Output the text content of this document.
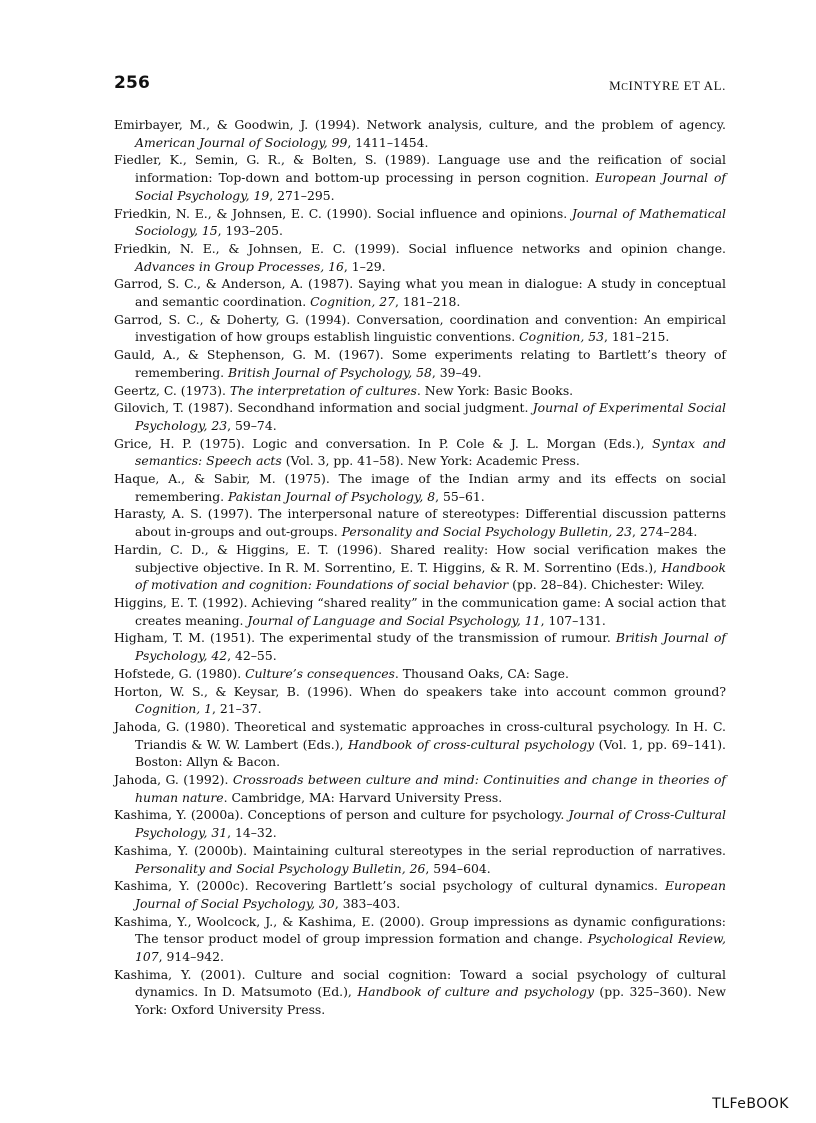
256	MCINTYRE ET AL.
Emirbayer, M., & Goodwin, J. (1994). Network analysis, culture, and the problem of agency. American Journal of Sociology, 99, 1411–1454.
Fiedler, K., Semin, G. R., & Bolten, S. (1989). Language use and the reification of social information: Top-down and bottom-up processing in person cognition. European Journal of Social Psychology, 19, 271–295.
Friedkin, N. E., & Johnsen, E. C. (1990). Social influence and opinions. Journal of Mathematical Sociology, 15, 193–205.
Friedkin, N. E., & Johnsen, E. C. (1999). Social influence networks and opinion change. Advances in Group Processes, 16, 1–29.
Garrod, S. C., & Anderson, A. (1987). Saying what you mean in dialogue: A study in conceptual and semantic coordination. Cognition, 27, 181–218.
Garrod, S. C., & Doherty, G. (1994). Conversation, coordination and convention: An empirical investigation of how groups establish linguistic conventions. Cognition, 53, 181–215.
Gauld, A., & Stephenson, G. M. (1967). Some experiments relating to Bartlett’s theory of remembering. British Journal of Psychology, 58, 39–49.
Geertz, C. (1973). The interpretation of cultures. New York: Basic Books.
Gilovich, T. (1987). Secondhand information and social judgment. Journal of Experimental Social Psychology, 23, 59–74.
Grice, H. P. (1975). Logic and conversation. In P. Cole & J. L. Morgan (Eds.), Syntax and semantics: Speech acts (Vol. 3, pp. 41–58). New York: Academic Press.
Haque, A., & Sabir, M. (1975). The image of the Indian army and its effects on social remembering. Pakistan Journal of Psychology, 8, 55–61.
Harasty, A. S. (1997). The interpersonal nature of stereotypes: Differential discussion patterns about in-groups and out-groups. Personality and Social Psychology Bulletin, 23, 274–284.
Hardin, C. D., & Higgins, E. T. (1996). Shared reality: How social verification makes the subjective objective. In R. M. Sorrentino, E. T. Higgins, & R. M. Sorrentino (Eds.), Handbook of motivation and cognition: Foundations of social behavior (pp. 28–84). Chichester: Wiley.
Higgins, E. T. (1992). Achieving “shared reality” in the communication game: A social action that creates meaning. Journal of Language and Social Psychology, 11, 107–131.
Higham, T. M. (1951). The experimental study of the transmission of rumour. British Journal of Psychology, 42, 42–55.
Hofstede, G. (1980). Culture’s consequences. Thousand Oaks, CA: Sage.
Horton, W. S., & Keysar, B. (1996). When do speakers take into account common ground? Cognition, 1, 21–37.
Jahoda, G. (1980). Theoretical and systematic approaches in cross-cultural psychology. In H. C. Triandis & W. W. Lambert (Eds.), Handbook of cross-cultural psychology (Vol. 1, pp. 69–141). Boston: Allyn & Bacon.
Jahoda, G. (1992). Crossroads between culture and mind: Continuities and change in theories of human nature. Cambridge, MA: Harvard University Press.
Kashima, Y. (2000a). Conceptions of person and culture for psychology. Journal of Cross-Cultural Psychology, 31, 14–32.
Kashima, Y. (2000b). Maintaining cultural stereotypes in the serial reproduction of narratives. Personality and Social Psychology Bulletin, 26, 594–604.
Kashima, Y. (2000c). Recovering Bartlett’s social psychology of cultural dynamics. European Journal of Social Psychology, 30, 383–403.
Kashima, Y., Woolcock, J., & Kashima, E. (2000). Group impressions as dynamic configurations: The tensor product model of group impression formation and change. Psychological Review, 107, 914–942.
Kashima, Y. (2001). Culture and social cognition: Toward a social psychology of cultural dynamics. In D. Matsumoto (Ed.), Handbook of culture and psychology (pp. 325–360). New York: Oxford University Press.
TLFeBOOK
